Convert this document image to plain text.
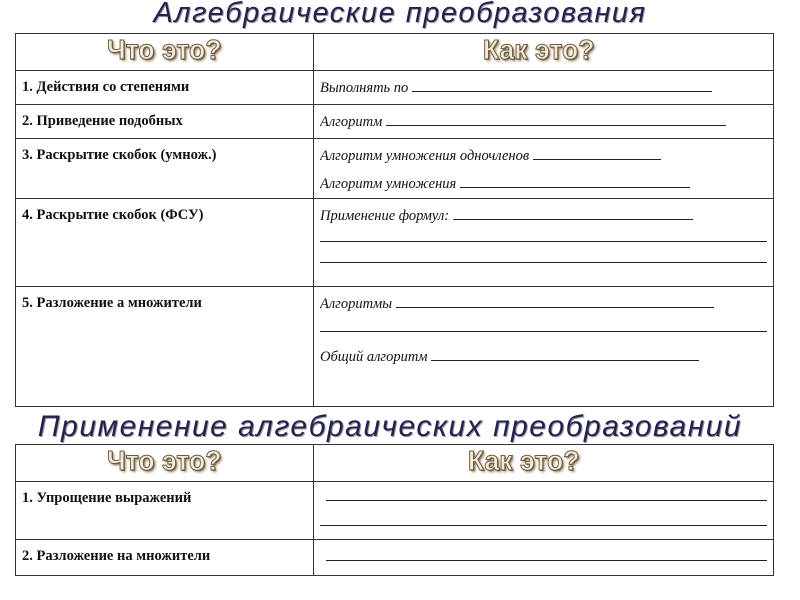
Алгебраические преобразования
Что это?	Как это?
1. Действия со степенями	Выполнять по

2. Приведение подобных	Алгоритм

3. Раскрытие скобок (умнож.)	Алгоритм умножения одночленов
Алгоритм умножения

4. Раскрытие скобок (ФСУ)	Применение формул:

5. Разложение а множители	Алгоритмы
Общий алгоритм
Применение алгебраических преобразований
Что это?	Как это?
1. Упрощение выражений	

2. Разложение на множители	
